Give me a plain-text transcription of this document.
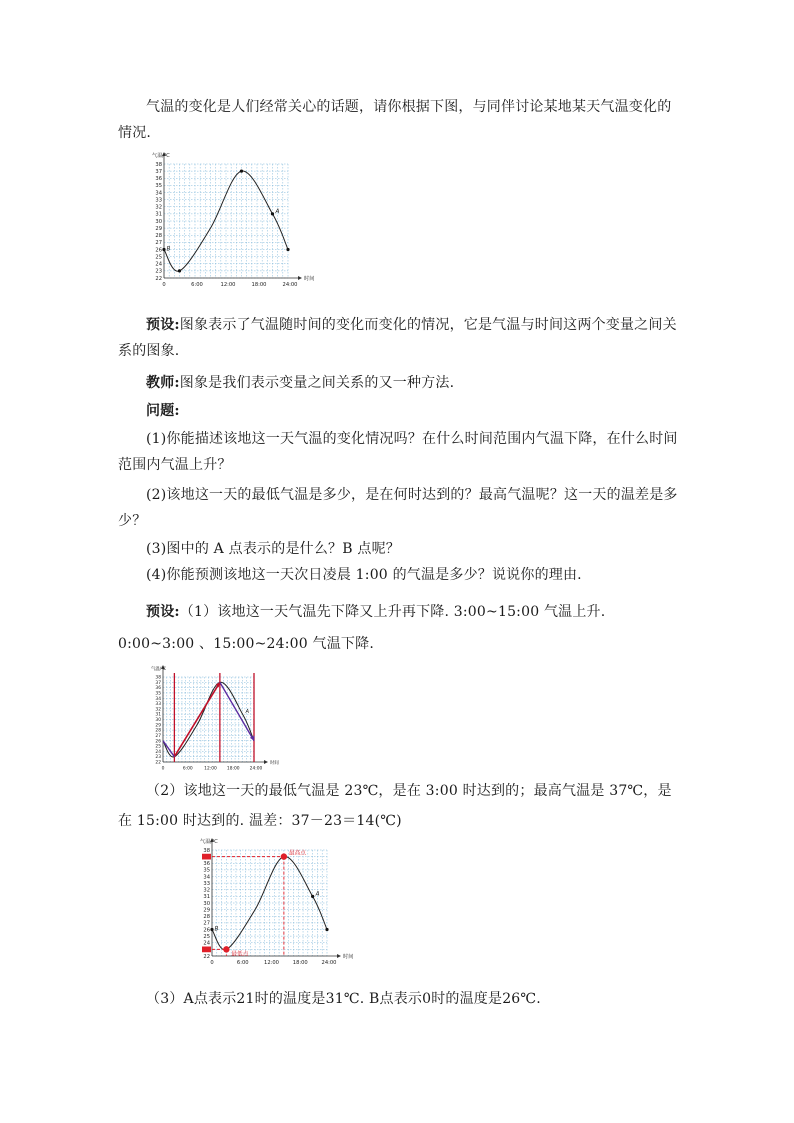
气温的变化是人们经常关心的话题，请你根据下图，与同伴讨论某地某天气温变化的情况.

22
23
24
25
26
27
28
29
30
31
32
33
34
35
36
37
38
气温/℃
时间
0	6:00	12:00	18:00	24:00
B
A

预设:图象表示了气温随时间的变化而变化的情况，它是气温与时间这两个变量之间关系的图象.

教师:图象是我们表示变量之间关系的又一种方法.

问题:

(1)你能描述该地这一天气温的变化情况吗？在什么时间范围内气温下降，在什么时间范围内气温上升？

(2)该地这一天的最低气温是多少，是在何时达到的？最高气温呢？这一天的温差是多少？

(3)图中的 A 点表示的是什么？B 点呢？

(4)你能预测该地这一天次日凌晨 1:00 的气温是多少？说说你的理由.

预设:（1）该地这一天气温先下降又上升再下降. 3:00~15:00 气温上升. 0:00~3:00 、15:00~24:00 气温下降.

22
23
24
25
26
27
28
29
30
31
32
33
34
35
36
37
38
气温/℃
时间
0	6:00	12:00 18:00 24:00
A

（2）该地这一天的最低气温是 23℃，是在 3:00 时达到的；最高气温是 37℃，是在 15:00 时达到的. 温差：37－23＝14(℃)

22
24
25
26
27
28
29
30
31
32
33
34
35
36
38
气温/℃
时间
0	6:00	12:00	18:00	24:00
最高点
最低点
B
A

（3）A点表示21时的温度是31℃. B点表示0时的温度是26℃.
